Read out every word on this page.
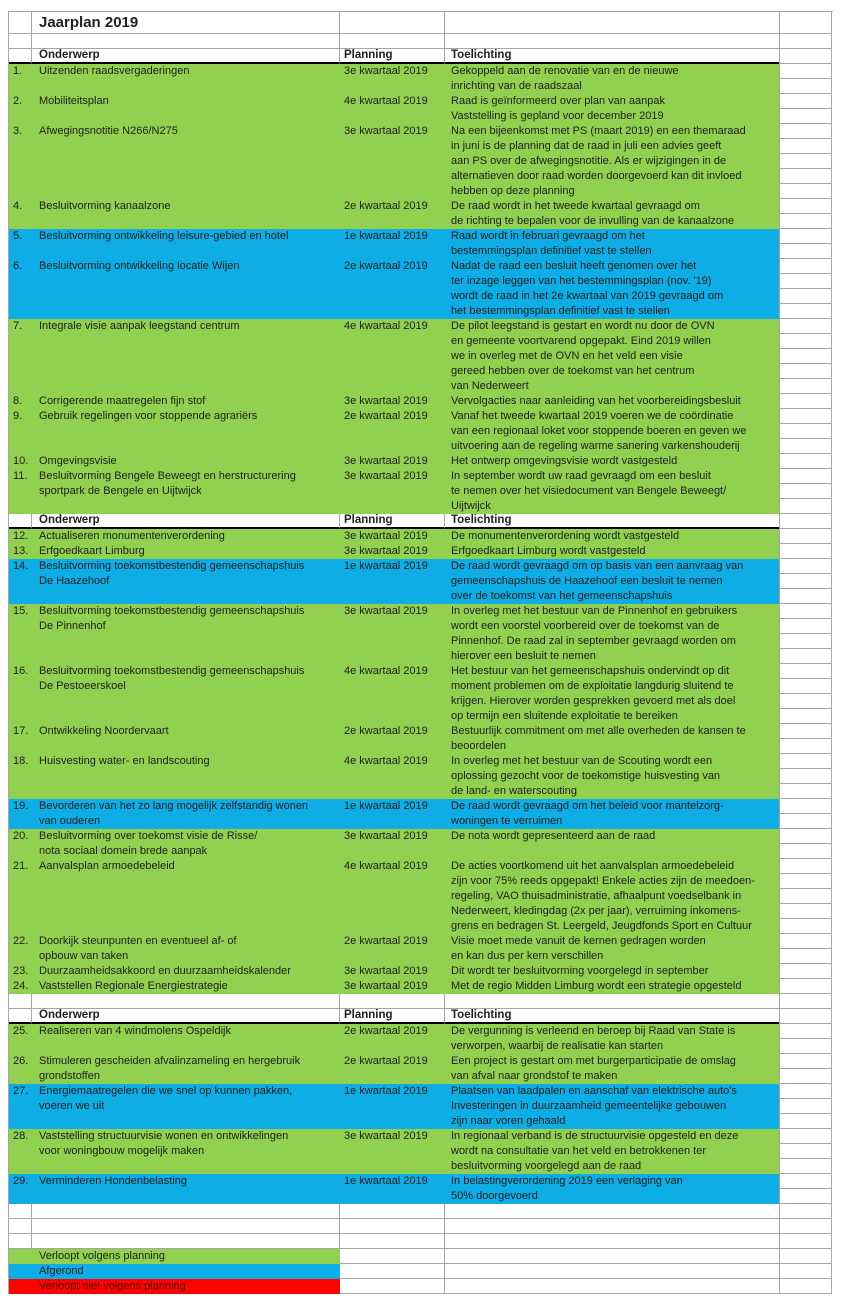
Jaarplan 2019
Onderwerp	Planning	Toelichting
1.	Uitzenden raadsvergaderingen	3e kwartaal 2019	Gekoppeld aan de renovatie van en de nieuwe
inrichting van de raadszaal
2.	Mobiliteitsplan	4e kwartaal 2019	Raad is geïnformeerd over plan van aanpak
Vaststelling is gepland voor december 2019
3.	Afwegingsnotitie N266/N275	3e kwartaal 2019	Na een bijeenkomst met PS (maart 2019) en een themaraad
in juni is de planning dat de raad in juli een advies geeft
aan PS over de afwegingsnotitie. Als er wijzigingen in de
alternatieven door raad worden doorgevoerd kan dit invloed
hebben op deze planning
4.	Besluitvorming kanaalzone	2e kwartaal 2019	De raad wordt in het tweede kwartaal gevraagd om
de richting te bepalen voor de invulling van de kanaalzone
5.	Besluitvorming ontwikkeling leisure-gebied en hotel	1e kwartaal 2019	Raad wordt in februari gevraagd om het
bestemmingsplan definitief vast te stellen
6.	Besluitvorming ontwikkeling locatie Wijen	2e kwartaal 2019	Nadat de raad een besluit heeft genomen over het
ter inzage leggen van het bestemmingsplan (nov. '19)
wordt de raad in het 2e kwartaal van 2019 gevraagd om
het bestemmingsplan definitief vast te stellen
7.	Integrale visie aanpak leegstand centrum	4e kwartaal 2019	De pilot leegstand is gestart en wordt nu door de OVN
en gemeente voortvarend opgepakt. Eind 2019 willen
we in overleg met de OVN en het veld een visie
gereed hebben over de toekomst van het centrum
van Nederweert
8.	Corrigerende maatregelen fijn stof	3e kwartaal 2019	Vervolgacties naar aanleiding van het voorbereidingsbesluit
9.	Gebruik regelingen voor stoppende agrariërs	2e kwartaal 2019	Vanaf het tweede kwartaal 2019 voeren we de coördinatie
van een regionaal loket voor stoppende boeren en geven we
uitvoering aan de regeling warme sanering varkenshouderij
10. Omgevingsvisie	3e kwartaal 2019	Het ontwerp omgevingsvisie wordt vastgesteld
11.	Besluitvorming Bengele Beweegt en herstructurering
sportpark de Bengele en Uijtwijck
3e kwartaal 2019	In september wordt uw raad gevraagd om een besluit
te nemen over het visiedocument van Bengele Beweegt/
Uijtwijck
Onderwerp	Planning	Toelichting
12. Actualiseren monumentenverordening	3e kwartaal 2019	De monumentenverordening wordt vastgesteld
13. Erfgoedkaart Limburg	3e kwartaal 2019	Erfgoedkaart Limburg wordt vastgesteld
14. Besluitvorming toekomstbestendig gemeenschapshuis
De Haazehoof
1e kwartaal 2019	De raad wordt gevraagd om op basis van een aanvraag van
gemeenschapshuis de Haazehoof een besluit te nemen
over de toekomst van het gemeenschapshuis
15. Besluitvorming toekomstbestendig gemeenschapshuis
De Pinnenhof
3e kwartaal 2019	In overleg met het bestuur van de Pinnenhof en gebruikers
wordt een voorstel voorbereid over de toekomst van de
Pinnenhof. De raad zal in september gevraagd worden om
hierover een besluit te nemen
16. Besluitvorming toekomstbestendig gemeenschapshuis
De Pestoeerskoel
4e kwartaal 2019	Het bestuur van het gemeenschapshuis ondervindt op dit
moment problemen om de exploitatie langdurig sluitend te
krijgen. Hierover worden gesprekken gevoerd met als doel
op termijn een sluitende exploitatie te bereiken
17. Ontwikkeling Noordervaart	2e kwartaal 2019	Bestuurlijk commitment om met alle overheden de kansen te
beoordelen
18. Huisvesting water- en landscouting	4e kwartaal 2019	In overleg met het bestuur van de Scouting wordt een
oplossing gezocht voor de toekomstige huisvesting van
de land- en waterscouting
19. Bevorderen van het zo lang mogelijk zelfstandig wonen
van ouderen
1e kwartaal 2019	De raad wordt gevraagd om het beleid voor mantelzorg-
woningen te verruimen
20. Besluitvorming over toekomst visie de Risse/
nota sociaal domein brede aanpak
3e kwartaal 2019	De nota wordt gepresenteerd aan de raad
21. Aanvalsplan armoedebeleid	4e kwartaal 2019	De acties voortkomend uit het aanvalsplan armoedebeleid
zijn voor 75% reeds opgepakt! Enkele acties zijn de meedoen-
regeling, VAO thuisadministratie, afhaalpunt voedselbank in
Nederweert, kledingdag (2x per jaar), verruiming inkomens-
grens en bedragen St. Leergeld, Jeugdfonds Sport en Cultuur
22. Doorkijk steunpunten en eventueel af- of
opbouw van taken
2e kwartaal 2019	Visie moet mede vanuit de kernen gedragen worden
en kan dus per kern verschillen
23. Duurzaamheidsakkoord en duurzaamheidskalender	3e kwartaal 2019	Dit wordt ter besluitvorming voorgelegd in september
24. Vaststellen Regionale Energiestrategie	3e kwartaal 2019	Met de regio Midden Limburg wordt een strategie opgesteld
Onderwerp	Planning	Toelichting
25. Realiseren van 4 windmolens Ospeldijk	2e kwartaal 2019	De vergunning is verleend en beroep bij Raad van State is
verworpen, waarbij de realisatie kan starten
26. Stimuleren gescheiden afvalinzameling en hergebruik
grondstoffen
2e kwartaal 2019	Een project is gestart om met burgerparticipatie de omslag
van afval naar grondstof te maken
27. Energiemaatregelen die we snel op kunnen pakken,
voeren we uit
1e kwartaal 2019	Plaatsen van laadpalen en aanschaf van elektrische auto's
Investeringen in duurzaamheid gemeentelijke gebouwen
zijn naar voren gehaald
28. Vaststelling structuurvisie wonen en ontwikkelingen
voor woningbouw mogelijk maken
3e kwartaal 2019	In regionaal verband is de structuurvisie opgesteld en deze
wordt na consultatie van het veld en betrokkenen ter
besluitvorming voorgelegd aan de raad
29. Verminderen Hondenbelasting	1e kwartaal 2019	In belastingverordening 2019 een verlaging van
50% doorgevoerd
Verloopt volgens planning
Afgerond
Verloopt niet volgens planning
